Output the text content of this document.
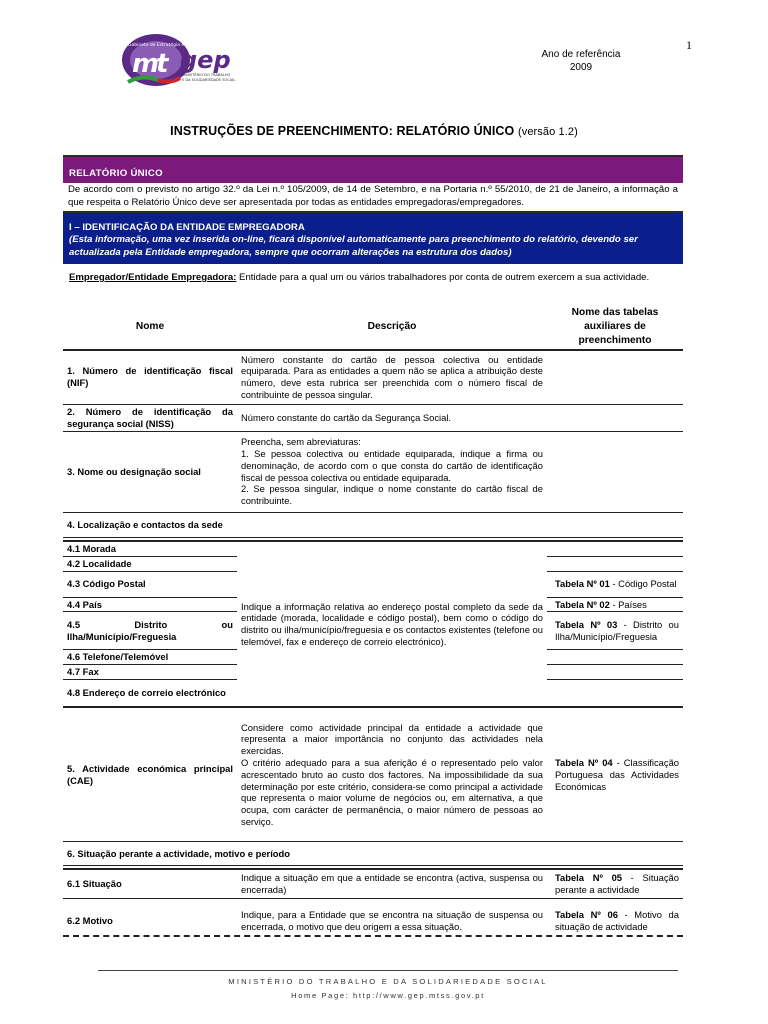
1
m
t
Gabinete de Estratégia e Planeamento
gep
MINISTÉRIO DO TRABALHO
E DA SOLIDARIEDADE SOCIAL
Ano de referência
2009
INSTRUÇÕES DE PREENCHIMENTO: RELATÓRIO ÚNICO (versão 1.2)
RELATÓRIO ÚNICO
De acordo com o previsto no artigo 32.º da Lei n.º 105/2009, de 14 de Setembro, e na Portaria n.º 55/2010, de 21 de Janeiro, a informação a que respeita o Relatório Único deve ser apresentada por todas as entidades empregadoras/empregadores.
I – IDENTIFICAÇÃO DA ENTIDADE EMPREGADORA
(Esta informação, uma vez inserida on-line, ficará disponível automaticamente para preenchimento do relatório, devendo ser actualizada pela Entidade empregadora, sempre que ocorram alterações na estrutura dos dados)
Empregador/Entidade Empregadora: Entidade para a qual um ou vários trabalhadores por conta de outrem exercem a sua actividade.
Nome	Descrição	Nome das tabelas auxiliares de preenchimento
1. Número de identificação fiscal (NIF)	Número constante do cartão de pessoa colectiva ou entidade equiparada. Para as entidades a quem não se aplica a atribuição deste número, deve esta rubrica ser preenchida com o número fiscal de contribuinte de pessoa singular.	
2. Número de identificação da segurança social (NISS)	Número constante do cartão da Segurança Social.	
3. Nome ou designação social	Preencha, sem abreviaturas:
1. Se pessoa colectiva ou entidade equiparada, indique a firma ou denominação, de acordo com o que consta do cartão de identificação fiscal de pessoa colectiva ou entidade equiparada.
2. Se pessoa singular, indique o nome constante do cartão fiscal de contribuinte.	

4. Localização e contactos da sede		

4.1 Morada	Indique a informação relativa ao endereço postal completo da sede da entidade (morada, localidade e código postal), bem como o código do distrito ou ilha/município/freguesia e os contactos existentes (telefone ou telemóvel, fax e endereço de correio electrónico).	
4.2 Localidade		
4.3 Código Postal		Tabela Nº 01 - Código Postal
4.4 País		Tabela Nº 02 - Países
4.5 Distrito ou Ilha/Município/Freguesia		Tabela Nº 03 - Distrito ou Ilha/Município/Freguesia
4.6 Telefone/Telemóvel		
4.7 Fax		
4.8 Endereço de correio electrónico		
5. Actividade económica principal (CAE)	Considere como actividade principal da entidade a actividade que representa a maior importância no conjunto das actividades nela exercidas.
O critério adequado para a sua aferição é o representado pelo valor acrescentado bruto ao custo dos factores. Na impossibilidade da sua determinação por este critério, considera-se como principal a actividade que representa o maior volume de negócios ou, em alternativa, a que ocupa, com carácter de permanência, o maior número de pessoas ao serviço.	Tabela Nº 04 - Classificação Portuguesa das Actividades Económicas
6. Situação perante a actividade, motivo e período		

6.1 Situação	Indique a situação em que a entidade se encontra (activa, suspensa ou encerrada)	Tabela Nº 05 - Situação perante a actividade
6.2 Motivo	Indique, para a Entidade que se encontra na situação de suspensa ou encerrada, o motivo que deu origem a essa situação.	Tabela Nº 06 - Motivo da situação de actividade
MINISTÉRIO DO TRABALHO E DA SOLIDARIEDADE SOCIAL
Home Page: http://www.gep.mtss.gov.pt
